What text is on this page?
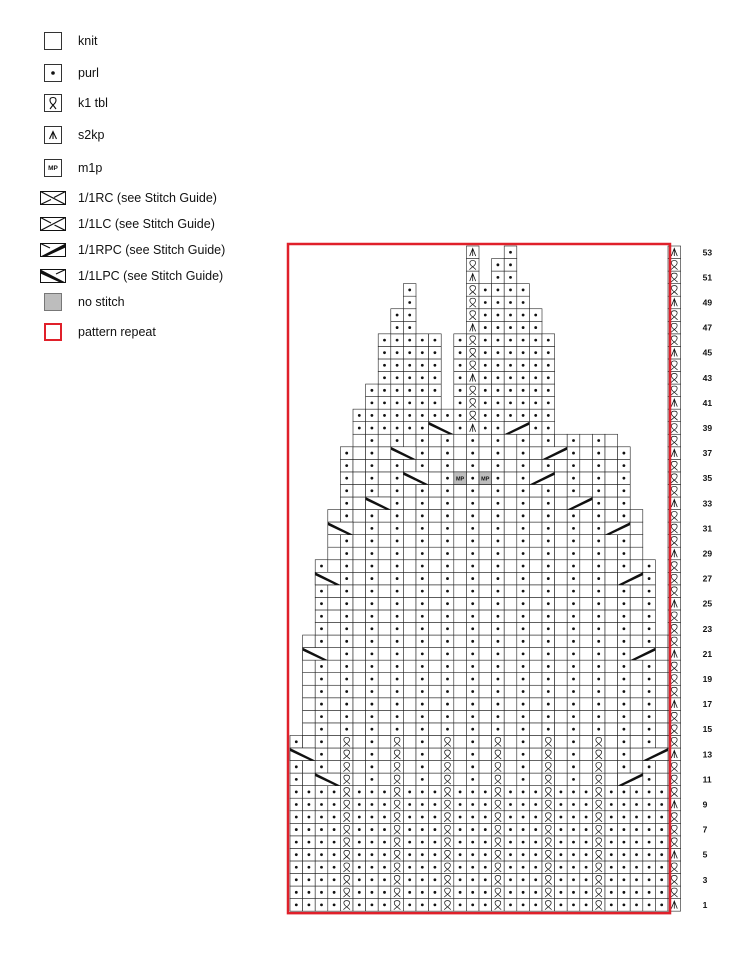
knit
purl
k1 tbl
s2kp
MP	m1p
1/1RC (see Stitch Guide)
1/1LC (see Stitch Guide)
1/1RPC (see Stitch Guide)
1/1LPC (see Stitch Guide)
no stitch
pattern repeat
MP	MP
53
51
49
47
45
43
41
39
37
35
33
31
29
27
25
23
21
19
17
15
13
11
9
7
5
3
1
